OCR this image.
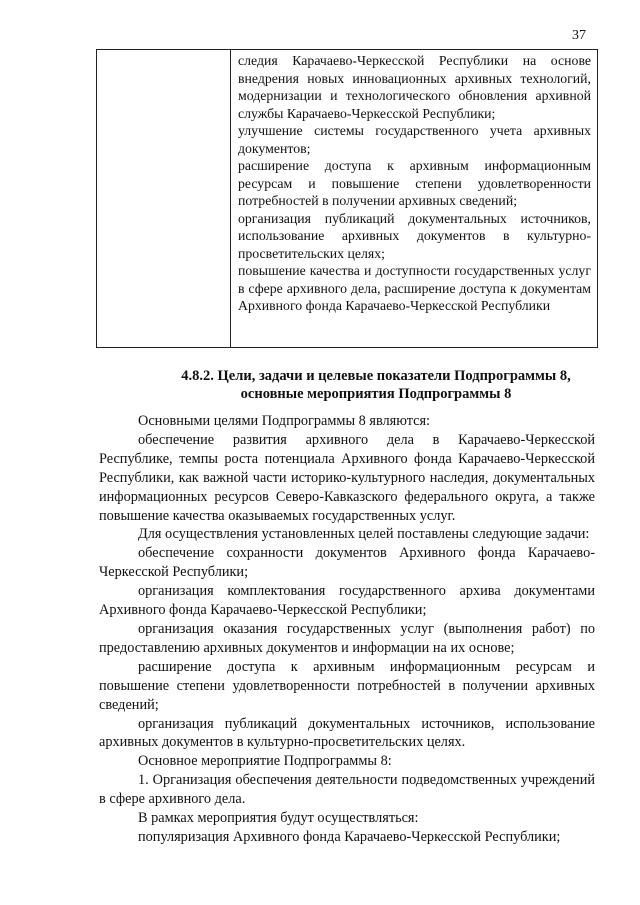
37

следия Карачаево-Черкесской Республики на основе внедрения новых инновационных архивных технологий, модернизации и технологического обновления архивной службы Карачаево-Черкесской Республики;

улучшение системы государственного учета архивных документов;

расширение доступа к архивным информационным ресурсам и повышение степени удовлетворенности потребностей в получении архивных сведений;

организация публикаций документальных источников, использование архивных документов в культурно-просветительских целях;

повышение качества и доступности государственных услуг в сфере архивного дела, расширение доступа к документам Архивного фонда Карачаево-Черкесской Республики

4.8.2. Цели, задачи и целевые показатели Подпрограммы 8,

основные мероприятия Подпрограммы 8

Основными целями Подпрограммы 8 являются:

обеспечение развития архивного дела в Карачаево-Черкесской Республике, темпы роста потенциала Архивного фонда Карачаево-Черкесской Республики, как важной части историко-культурного наследия, документальных информационных ресурсов Северо-Кавказского федерального округа, а также повышение качества оказываемых государственных услуг.

Для осуществления установленных целей поставлены следующие задачи:

обеспечение сохранности документов Архивного фонда Карачаево-Черкесской Республики;

организация комплектования государственного архива документами Архивного фонда Карачаево-Черкесской Республики;

организация оказания государственных услуг (выполнения работ) по предоставлению архивных документов и информации на их основе;

расширение доступа к архивным информационным ресурсам и повышение степени удовлетворенности потребностей в получении архивных сведений;

организация публикаций документальных источников, использование архивных документов в культурно-просветительских целях.

Основное мероприятие Подпрограммы 8:

1. Организация обеспечения деятельности подведомственных учреждений в сфере архивного дела.

В рамках мероприятия будут осуществляться:

популяризация Архивного фонда Карачаево-Черкесской Республики;
